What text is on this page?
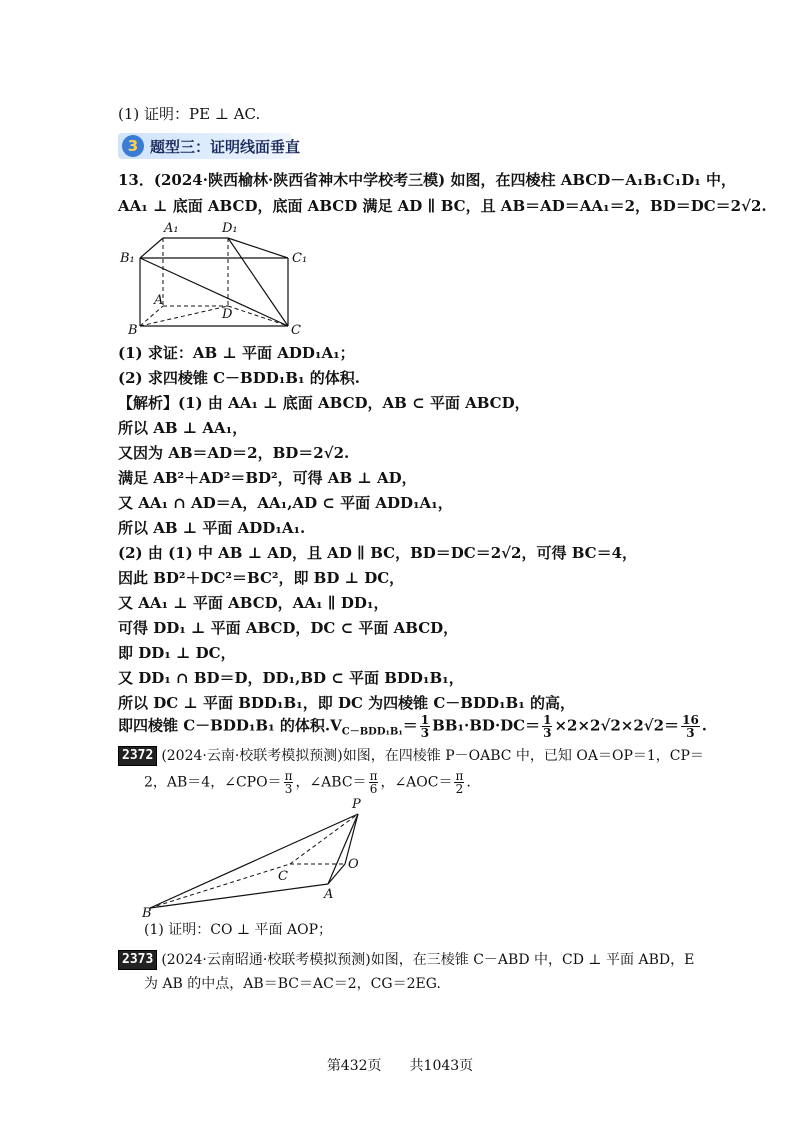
(1) 证明：PE ⊥ AC.
3 题型三：证明线面垂直
13．(2024·陕西榆林·陕西省神木中学校考三模) 如图，在四棱柱 ABCD－A₁B₁C₁D₁ 中，
AA₁ ⊥ 底面 ABCD，底面 ABCD 满足 AD ∥ BC，且 AB＝AD＝AA₁＝2，BD＝DC＝2√2.
A₁	D₁
B₁	C₁
A
D
B	C
(1) 求证：AB ⊥ 平面 ADD₁A₁；
(2) 求四棱锥 C－BDD₁B₁ 的体积.
【解析】(1) 由 AA₁ ⊥ 底面 ABCD，AB ⊂ 平面 ABCD，
所以 AB ⊥ AA₁，
又因为 AB＝AD＝2，BD＝2√2.
满足 AB²＋AD²＝BD²，可得 AB ⊥ AD，
又 AA₁ ∩ AD＝A，AA₁,AD ⊂ 平面 ADD₁A₁，
所以 AB ⊥ 平面 ADD₁A₁.
(2) 由 (1) 中 AB ⊥ AD，且 AD ∥ BC，BD＝DC＝2√2，可得 BC＝4，
因此 BD²＋DC²＝BC²，即 BD ⊥ DC，
又 AA₁ ⊥ 平面 ABCD，AA₁ ∥ DD₁，
可得 DD₁ ⊥ 平面 ABCD，DC ⊂ 平面 ABCD，
即 DD₁ ⊥ DC，
又 DD₁ ∩ BD＝D，DD₁,BD ⊂ 平面 BDD₁B₁，
所以 DC ⊥ 平面 BDD₁B₁，即 DC 为四棱锥 C－BDD₁B₁ 的高，
即四棱锥 C－BDD₁B₁ 的体积$.V_{C-BDD_1B_1}= \frac{1}{3} BB_1\cdot BD\cdot DC= \frac{1}{3} \times 2\times 2√2\times 2√2= \frac{16}{3}$ .
2372 (2024·云南·校联考模拟预测)如图，在四棱锥 P－OABC 中，已知 OA＝OP＝1，CP＝
2，AB＝4，∠CPO＝ $\frac{\pi}{3}$ ，∠ABC＝ $\frac{\pi}{6}$ ，∠AOC＝ $\frac{\pi}{2}$ .
P
O
C
A
B
(1) 证明：CO ⊥ 平面 AOP；
2373 (2024·云南昭通·校联考模拟预测)如图，在三棱锥 C－ABD 中，CD ⊥ 平面 ABD，E
为 AB 的中点，AB＝BC＝AC＝2，CG＝2EG.
第432页　　共1043页
